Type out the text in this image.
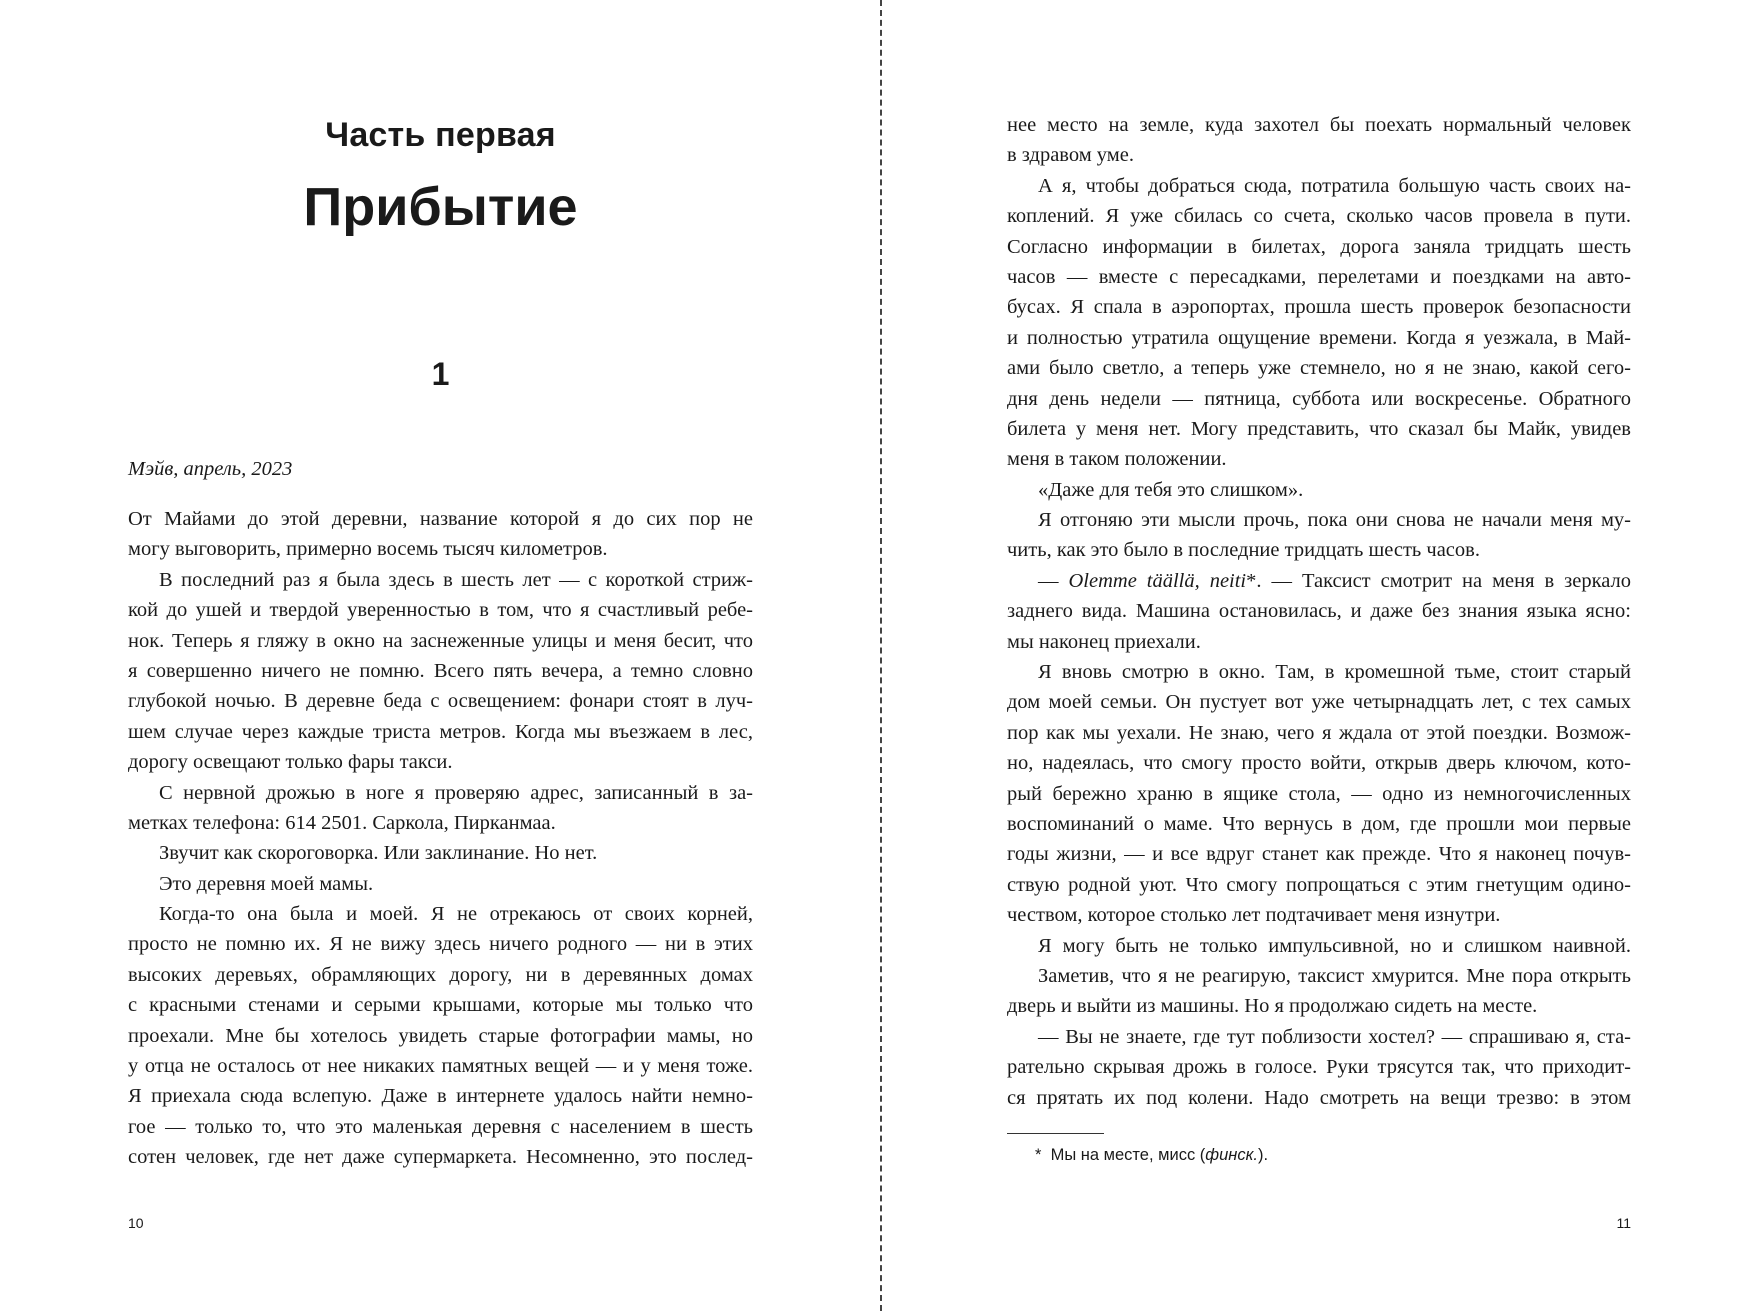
Часть первая
Прибытие
1
Мэйв, апрель, 2023
От Майами до этой деревни, название которой я до сих пор не
могу выговорить, примерно восемь тысяч километров.
В последний раз я была здесь в шесть лет — с короткой стриж-
кой до ушей и твердой уверенностью в том, что я счастливый ребе-
нок. Теперь я гляжу в окно на заснеженные улицы и меня бесит, что
я совершенно ничего не помню. Всего пять вечера, а темно словно
глубокой ночью. В деревне беда с освещением: фонари стоят в луч-
шем случае через каждые триста метров. Когда мы въезжаем в лес,
дорогу освещают только фары такси.
С нервной дрожью в ноге я проверяю адрес, записанный в за-
метках телефона: 614 2501. Саркола, Пирканмаа.
Звучит как скороговорка. Или заклинание. Но нет.
Это деревня моей мамы.
Когда-то она была и моей. Я не отрекаюсь от своих корней,
просто не помню их. Я не вижу здесь ничего родного — ни в этих
высоких деревьях, обрамляющих дорогу, ни в деревянных домах
с красными стенами и серыми крышами, которые мы только что
проехали. Мне бы хотелось увидеть старые фотографии мамы, но
у отца не осталось от нее никаких памятных вещей — и у меня тоже.
Я приехала сюда вслепую. Даже в интернете удалось найти немно-
гое — только то, что это маленькая деревня с населением в шесть
сотен человек, где нет даже супермаркета. Несомненно, это послед-
10
нее место на земле, куда захотел бы поехать нормальный человек
в здравом уме.
А я, чтобы добраться сюда, потратила большую часть своих на-
коплений. Я уже сбилась со счета, сколько часов провела в пути.
Согласно информации в билетах, дорога заняла тридцать шесть
часов — вместе с пересадками, перелетами и поездками на авто-
бусах. Я спала в аэропортах, прошла шесть проверок безопасности
и полностью утратила ощущение времени. Когда я уезжала, в Май-
ами было светло, а теперь уже стемнело, но я не знаю, какой сего-
дня день недели — пятница, суббота или воскресенье. Обратного
билета у меня нет. Могу представить, что сказал бы Майк, увидев
меня в таком положении.
«Даже для тебя это слишком».
Я отгоняю эти мысли прочь, пока они снова не начали меня му-
чить, как это было в последние тридцать шесть часов.
— Olemme täällä, neiti*. — Таксист смотрит на меня в зеркало
заднего вида. Машина остановилась, и даже без знания языка ясно:
мы наконец приехали.
Я вновь смотрю в окно. Там, в кромешной тьме, стоит старый
дом моей семьи. Он пустует вот уже четырнадцать лет, с тех самых
пор как мы уехали. Не знаю, чего я ждала от этой поездки. Возмож-
но, надеялась, что смогу просто войти, открыв дверь ключом, кото-
рый бережно храню в ящике стола, — одно из немногочисленных
воспоминаний о маме. Что вернусь в дом, где прошли мои первые
годы жизни, — и все вдруг станет как прежде. Что я наконец почув-
ствую родной уют. Что смогу попрощаться с этим гнетущим одино-
чеством, которое столько лет подтачивает меня изнутри.
Я могу быть не только импульсивной, но и слишком наивной.
Заметив, что я не реагирую, таксист хмурится. Мне пора открыть
дверь и выйти из машины. Но я продолжаю сидеть на месте.
— Вы не знаете, где тут поблизости хостел? — спрашиваю я, ста-
рательно скрывая дрожь в голосе. Руки трясутся так, что приходит-
ся прятать их под колени. Надо смотреть на вещи трезво: в этом
* Мы на месте, мисс (финск.).
11
